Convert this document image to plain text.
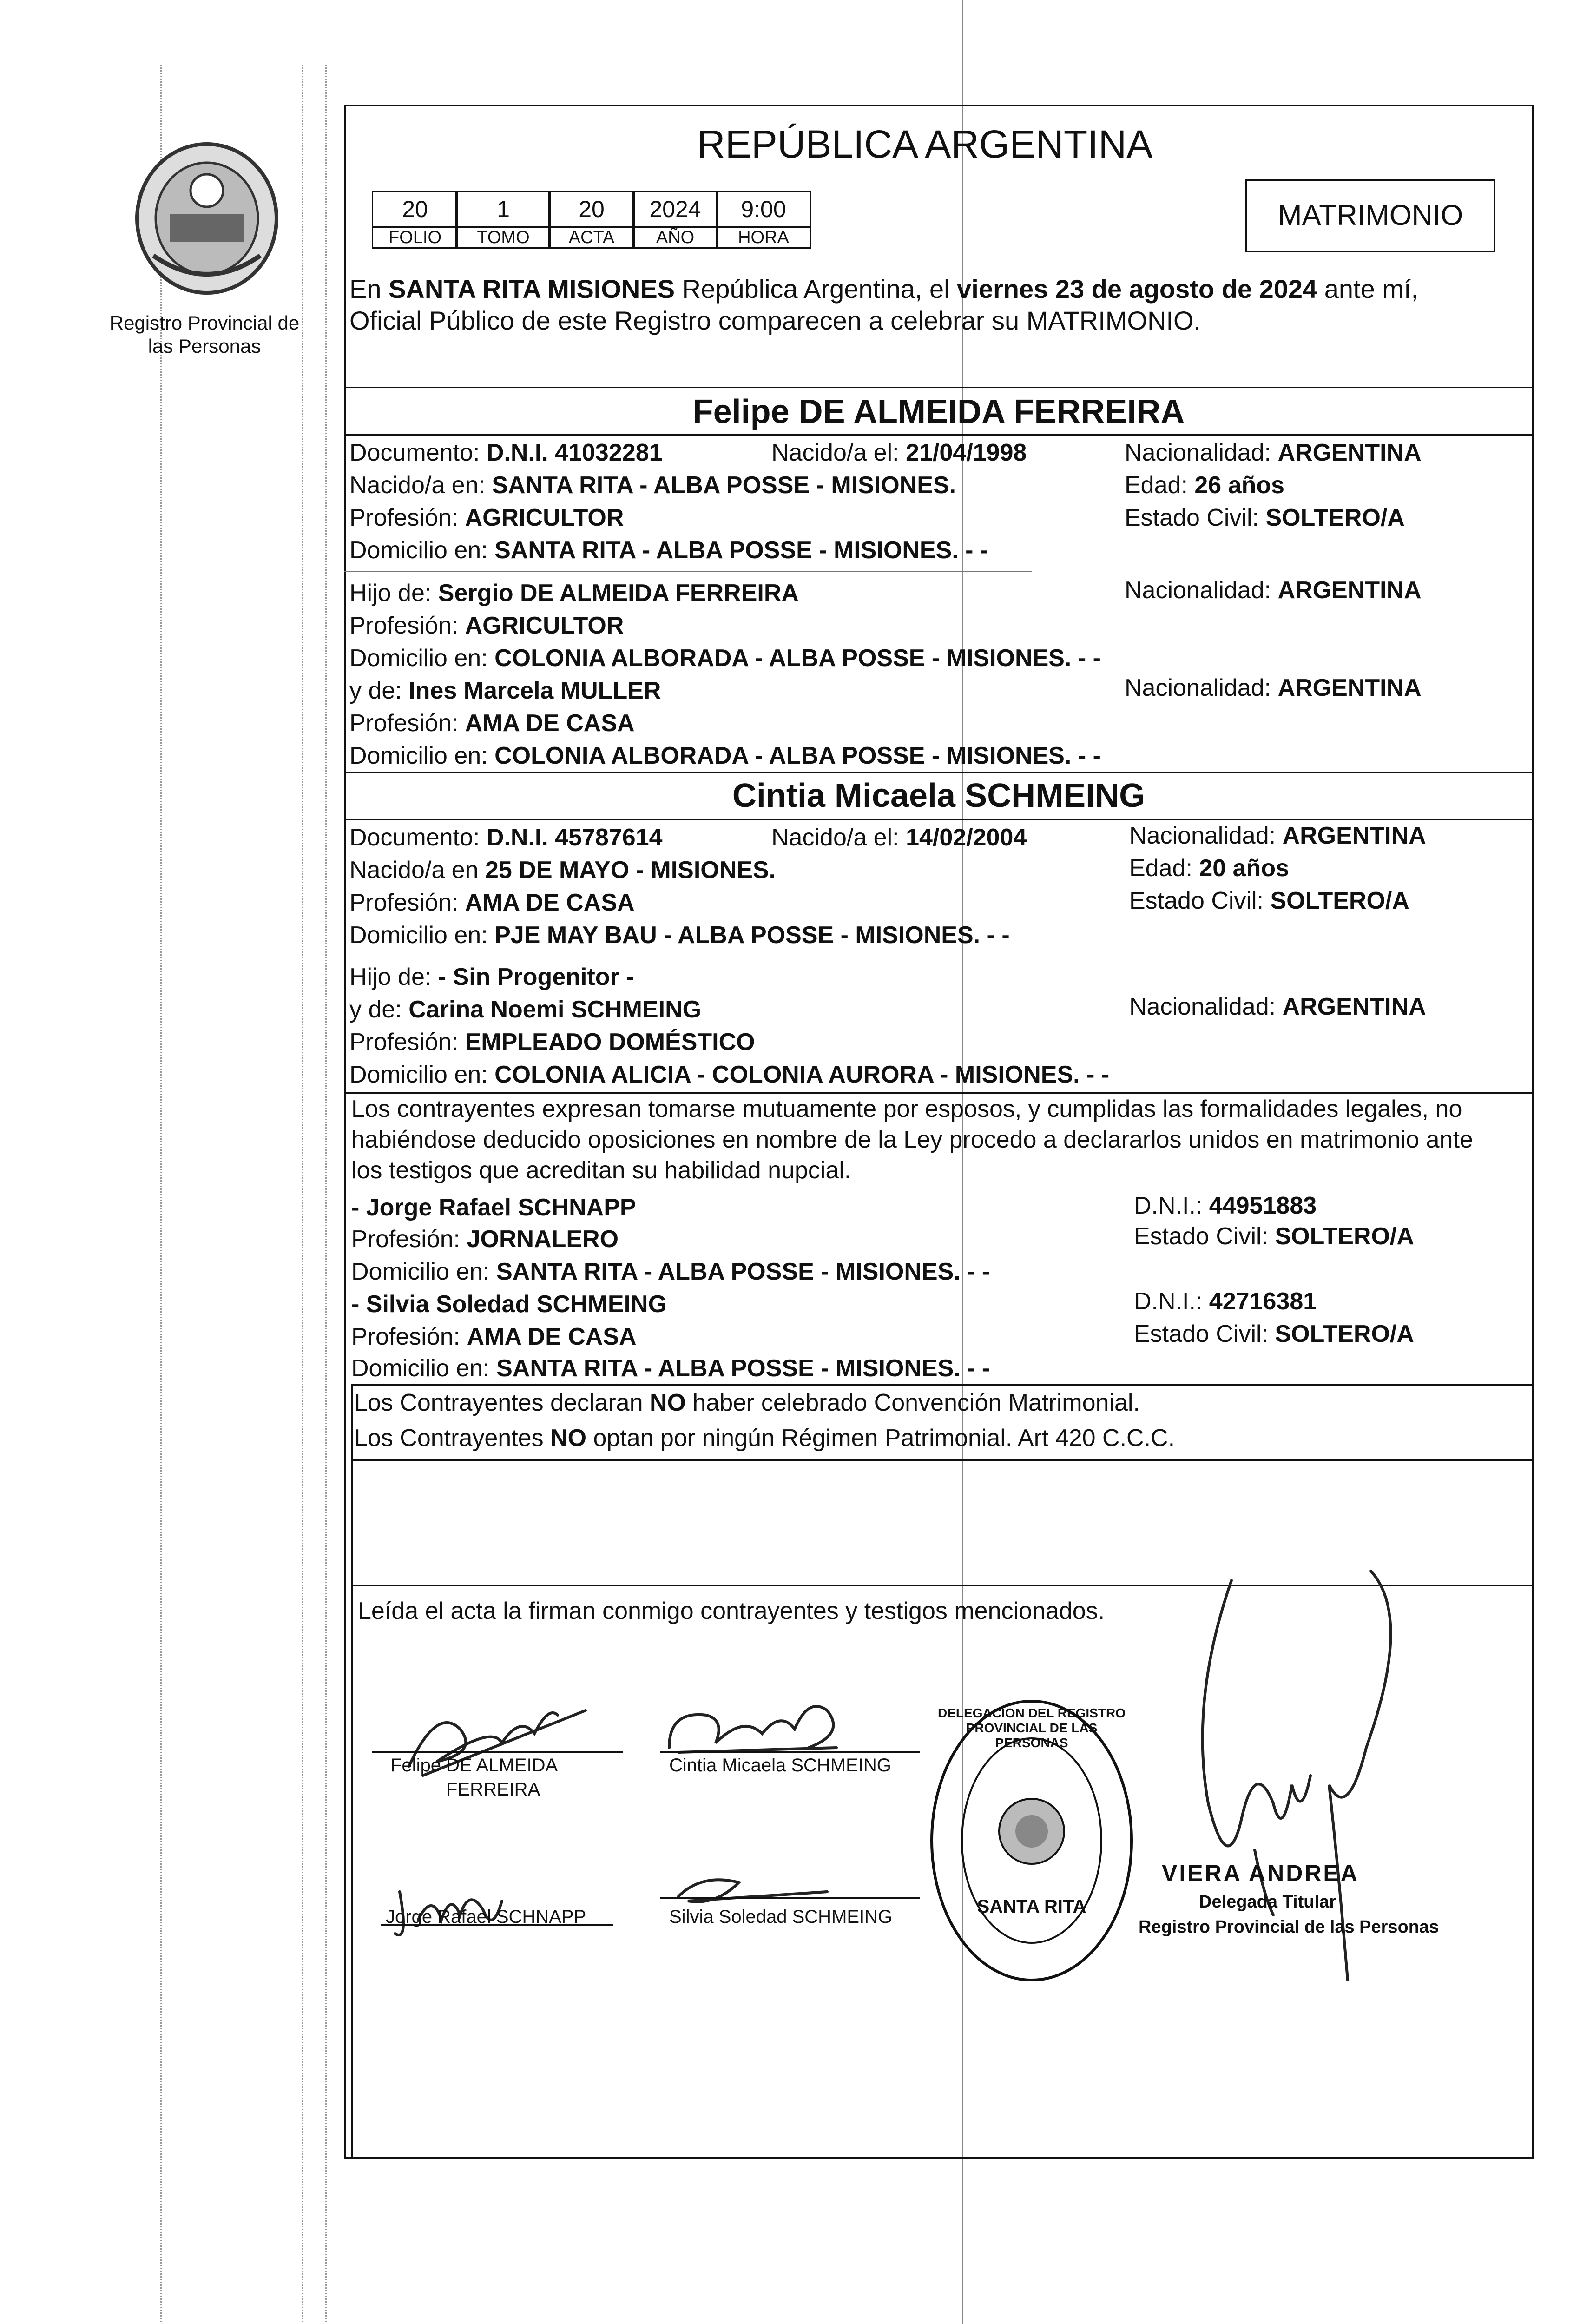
Registro Provincial de las Personas
REPÚBLICA ARGENTINA
20	1	20	2024	9:00
FOLIO	TOMO	ACTA	AÑO	HORA
MATRIMONIO
En SANTA RITA MISIONES República Argentina, el viernes 23 de agosto de 2024 ante mí,
Oficial Público de este Registro comparecen a celebrar su MATRIMONIO.
Felipe DE ALMEIDA FERREIRA
Documento: D.N.I. 41032281	Nacido/a el: 21/04/1998	Nacionalidad: ARGENTINA
Nacido/a en: SANTA RITA - ALBA POSSE - MISIONES.	Edad: 26 años
Profesión: AGRICULTOR	Estado Civil: SOLTERO/A
Domicilio en: SANTA RITA - ALBA POSSE - MISIONES. - -
Hijo de: Sergio DE ALMEIDA FERREIRA	Nacionalidad: ARGENTINA
Profesión: AGRICULTOR
Domicilio en: COLONIA ALBORADA - ALBA POSSE - MISIONES. - -
y de: Ines Marcela MULLER	Nacionalidad: ARGENTINA
Profesión: AMA DE CASA
Domicilio en: COLONIA ALBORADA - ALBA POSSE - MISIONES. - -
Cintia Micaela SCHMEING
Documento: D.N.I. 45787614	Nacido/a el: 14/02/2004	Nacionalidad: ARGENTINA
Nacido/a en 25 DE MAYO - MISIONES.	Edad: 20 años
Profesión: AMA DE CASA	Estado Civil: SOLTERO/A
Domicilio en: PJE MAY BAU - ALBA POSSE - MISIONES. - -
Hijo de: - Sin Progenitor -
y de: Carina Noemi SCHMEING	Nacionalidad: ARGENTINA
Profesión: EMPLEADO DOMÉSTICO
Domicilio en: COLONIA ALICIA - COLONIA AURORA - MISIONES. - -
Los contrayentes expresan tomarse mutuamente por esposos, y cumplidas las formalidades legales, no
habiéndose deducido oposiciones en nombre de la Ley procedo a declararlos unidos en matrimonio ante
los testigos que acreditan su habilidad nupcial.
- Jorge Rafael SCHNAPP	D.N.I.: 44951883
Profesión: JORNALERO	Estado Civil: SOLTERO/A
Domicilio en: SANTA RITA - ALBA POSSE - MISIONES. - -
- Silvia Soledad SCHMEING	D.N.I.: 42716381
Profesión: AMA DE CASA	Estado Civil: SOLTERO/A
Domicilio en: SANTA RITA - ALBA POSSE - MISIONES. - -
Los Contrayentes declaran NO haber celebrado Convención Matrimonial.
Los Contrayentes NO optan por ningún Régimen Patrimonial. Art 420 C.C.C.
Leída el acta la firman conmigo contrayentes y testigos mencionados.
Felipe DE ALMEIDA
FERREIRA
Cintia Micaela SCHMEING
Jorge Rafael SCHNAPP	Silvia Soledad SCHMEING
DELEGACION DEL REGISTRO PROVINCIAL DE LAS PERSONAS
SANTA RITA
VIERA ANDREA
Delegada Titular
Registro Provincial de las Personas
